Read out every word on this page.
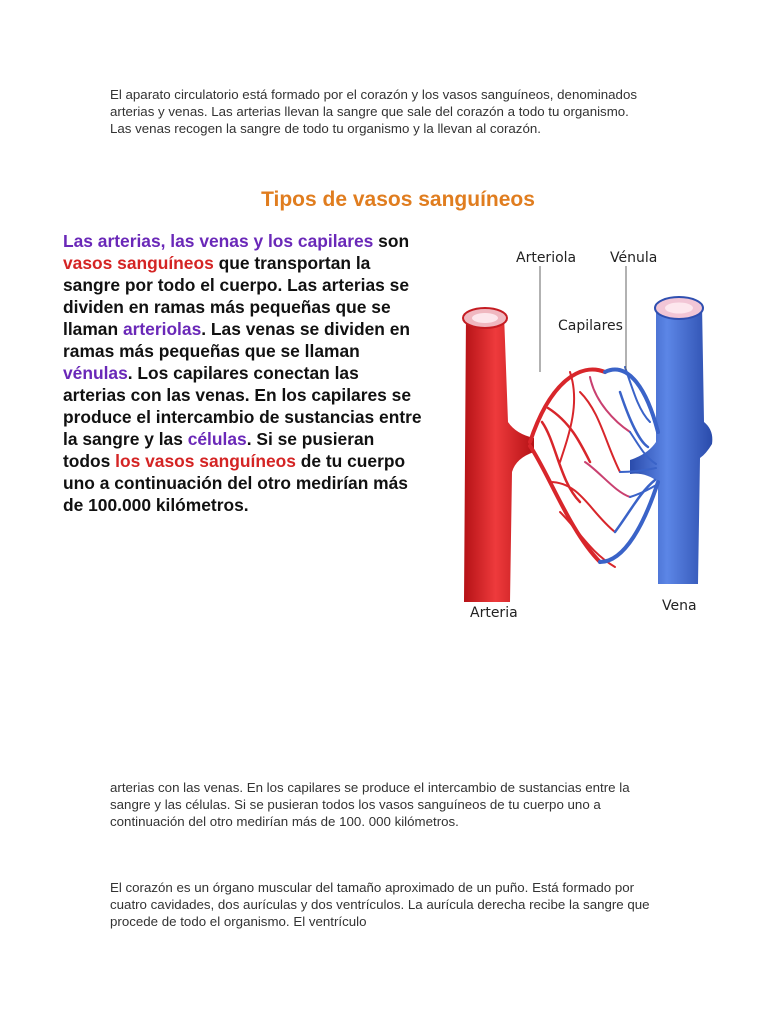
El aparato circulatorio está formado por el corazón y los vasos sanguíneos, denominados arterias y venas. Las arterias llevan la sangre que sale del corazón a todo tu organismo. Las venas recogen la sangre de todo tu organismo y la llevan al corazón.

Tipos de vasos sanguíneos

Las arterias, las venas y los capilares son vasos sanguíneos que transportan la sangre por todo el cuerpo. Las arterias se dividen en ramas más pequeñas que se llaman arteriolas. Las venas se dividen en ramas más pequeñas que se llaman vénulas. Los capilares conectan las arterias con las venas. En los capilares se produce el intercambio de sustancias entre la sangre y las células. Si se pusieran todos los vasos sanguíneos de tu cuerpo uno a continuación del otro medirían más de 100.000 kilómetros.

Arteriola Vénula
Capilares
Arteria	Vena

arterias con las venas. En los capilares se produce el intercambio de sustancias entre la sangre y las células. Si se pusieran todos los vasos sanguíneos de tu cuerpo uno a continuación del otro medirían más de 100. 000 kilómetros.

El corazón es un órgano muscular del tamaño aproximado de un puño. Está formado por cuatro cavidades, dos aurículas y dos ventrículos. La aurícula derecha recibe la sangre que procede de todo el organismo. El ventrículo
